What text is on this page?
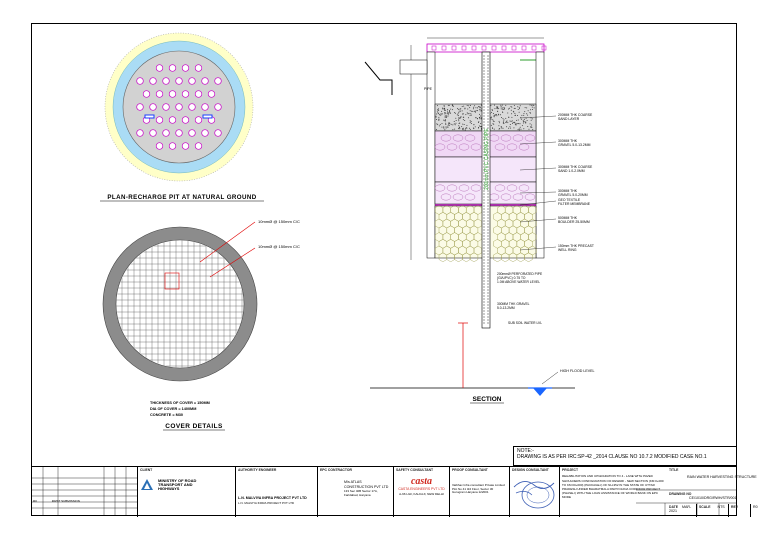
PLAN-RECHARGE PIT AT NATURAL GROUND
10mmØ @ 150mm C/C
10mmØ @ 150mm C/C
THICKNESS OF COVER = 150MM
DIA OF COVER = 1400MM
CONCRETE = M30
COVER DETAILS
PIPE
200mm PVC CASING PIPE
200MM THK COARSE SAND LAYER
300MM THK GRAVEL 5.0-13.2MM
300MM THK COARSE SAND 1.0-2.0MM
300MM THK GRAVEL 5.0-20MM
GEO TEXTILE FILTER MEMBRANE
500MM THK BOULDER 25-50MM
150mm THK PRECAST WELL RING
200mmØ PERFORATED PIPE (GI/UPVC) 0.75 TO 1.0M ABOVE WATER LEVEL
300MM THK GRAVEL 5.0-13.2MM
SUB SOIL WATER LVL
HIGH FLOOD LEVEL
SECTION
NOTE:-
DRAWING IS AS PER IRC:SP-42 _2014 CLAUSE NO 10.7.2 MODIFIED CASE NO.1
R0	FIRST SUBMISSION
CLIENT
MINISTRY OF ROAD TRANSPORT AND HIGHWAYS
AUTHORITY ENGINEER
L.N. MALVIYA INFRA PROJECT PVT LTD
L.N. MALVIYA INFRA PROJECT PVT LTD
EPC CONTRACTOR
M/s ATLAS CONSTRUCTION PVT LTD
133 Sec 40B Sector 17A, Faridabad, Haryana
SAFETY CONSULTANT
casta
CASTA ENGINEERS PVT LTD
A-96 LGF, KALKAJI, NEW DELHI
PROOF CONSULTANT
Vaibhav Infra consultant Private Limited Plot No 41 3rd Floor, Sector 30 Gurugram Haryana 122001
DESIGN CONSULTANT	PROJECT
REHABILITATION AND UPGRADATION TO 4 - LANE WITH PAVED SHOULDERS CONFIGURATION OF REWARI - NEW SECTION (KM 0+000 TO KM 00+000) (PACKAGE-I) OF NH-352 IN THE STATE OF UTTAR PRADESH UNDER BHARATMALA PARIYOJANA CORRIDOR PROJECT (PHASE-I) WITH THE LOAN ASSISTANCE OF WORLD BANK ON EPC MODE
TITLE
RAIN WATER HARVESTING STRUCTURE
DRAWING NO
CE/1010/DRG/RWH/STR/001
DATE MAR-2021
SCALE NTS	REV	R0
